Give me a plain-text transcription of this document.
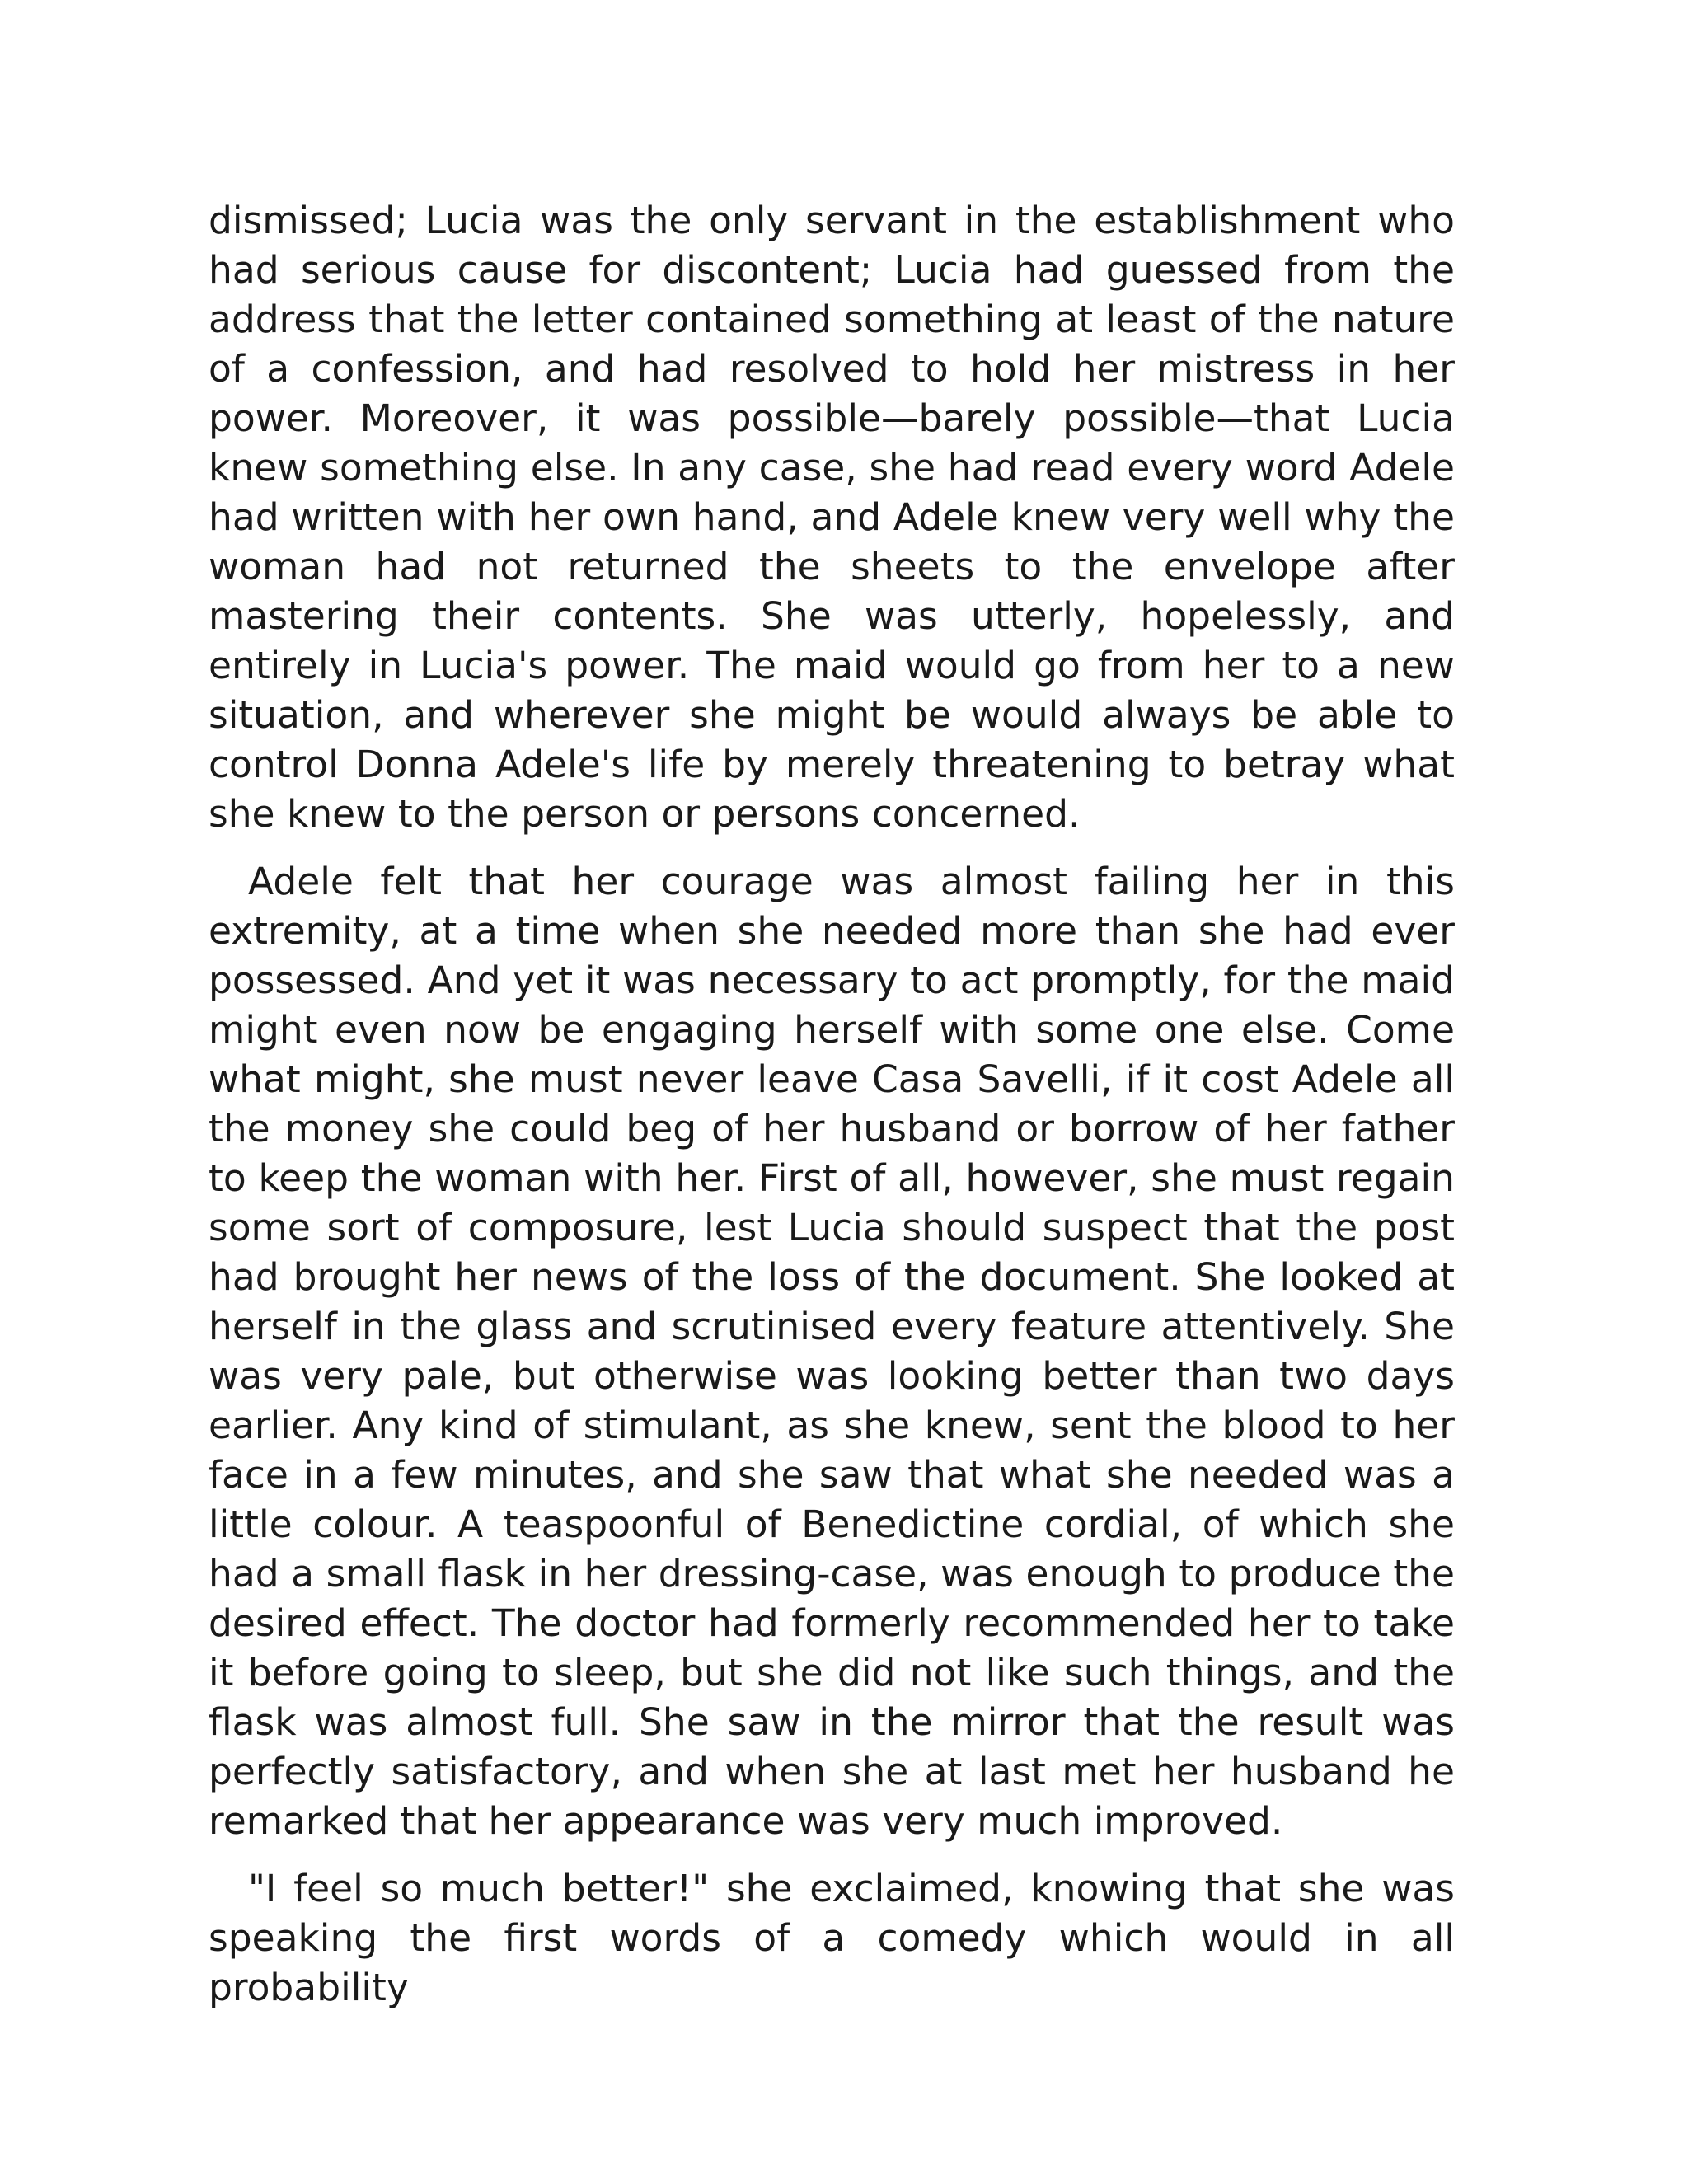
dismissed; Lucia was the only servant in the establishment who had serious cause for discontent; Lucia had guessed from the address that the letter contained something at least of the nature of a confession, and had resolved to hold her mistress in her power. Moreover, it was possible—barely possible—that Lucia knew something else. In any case, she had read every word Adele had written with her own hand, and Adele knew very well why the woman had not returned the sheets to the envelope after mastering their contents. She was utterly, hopelessly, and entirely in Lucia's power. The maid would go from her to a new situation, and wherever she might be would always be able to control Donna Adele's life by merely threatening to betray what she knew to the person or persons concerned.

Adele felt that her courage was almost failing her in this extremity, at a time when she needed more than she had ever possessed. And yet it was necessary to act promptly, for the maid might even now be engaging herself with some one else. Come what might, she must never leave Casa Savelli, if it cost Adele all the money she could beg of her husband or borrow of her father to keep the woman with her. First of all, however, she must regain some sort of composure, lest Lucia should suspect that the post had brought her news of the loss of the document. She looked at herself in the glass and scrutinised every feature attentively. She was very pale, but otherwise was looking better than two days earlier. Any kind of stimulant, as she knew, sent the blood to her face in a few minutes, and she saw that what she needed was a little colour. A teaspoonful of Benedictine cordial, of which she had a small flask in her dressing-case, was enough to produce the desired effect. The doctor had formerly recommended her to take it before going to sleep, but she did not like such things, and the flask was almost full. She saw in the mirror that the result was perfectly satisfactory, and when she at last met her husband he remarked that her appearance was very much improved.

"I feel so much better!" she exclaimed, knowing that she was speaking the first words of a comedy which would in all probability
